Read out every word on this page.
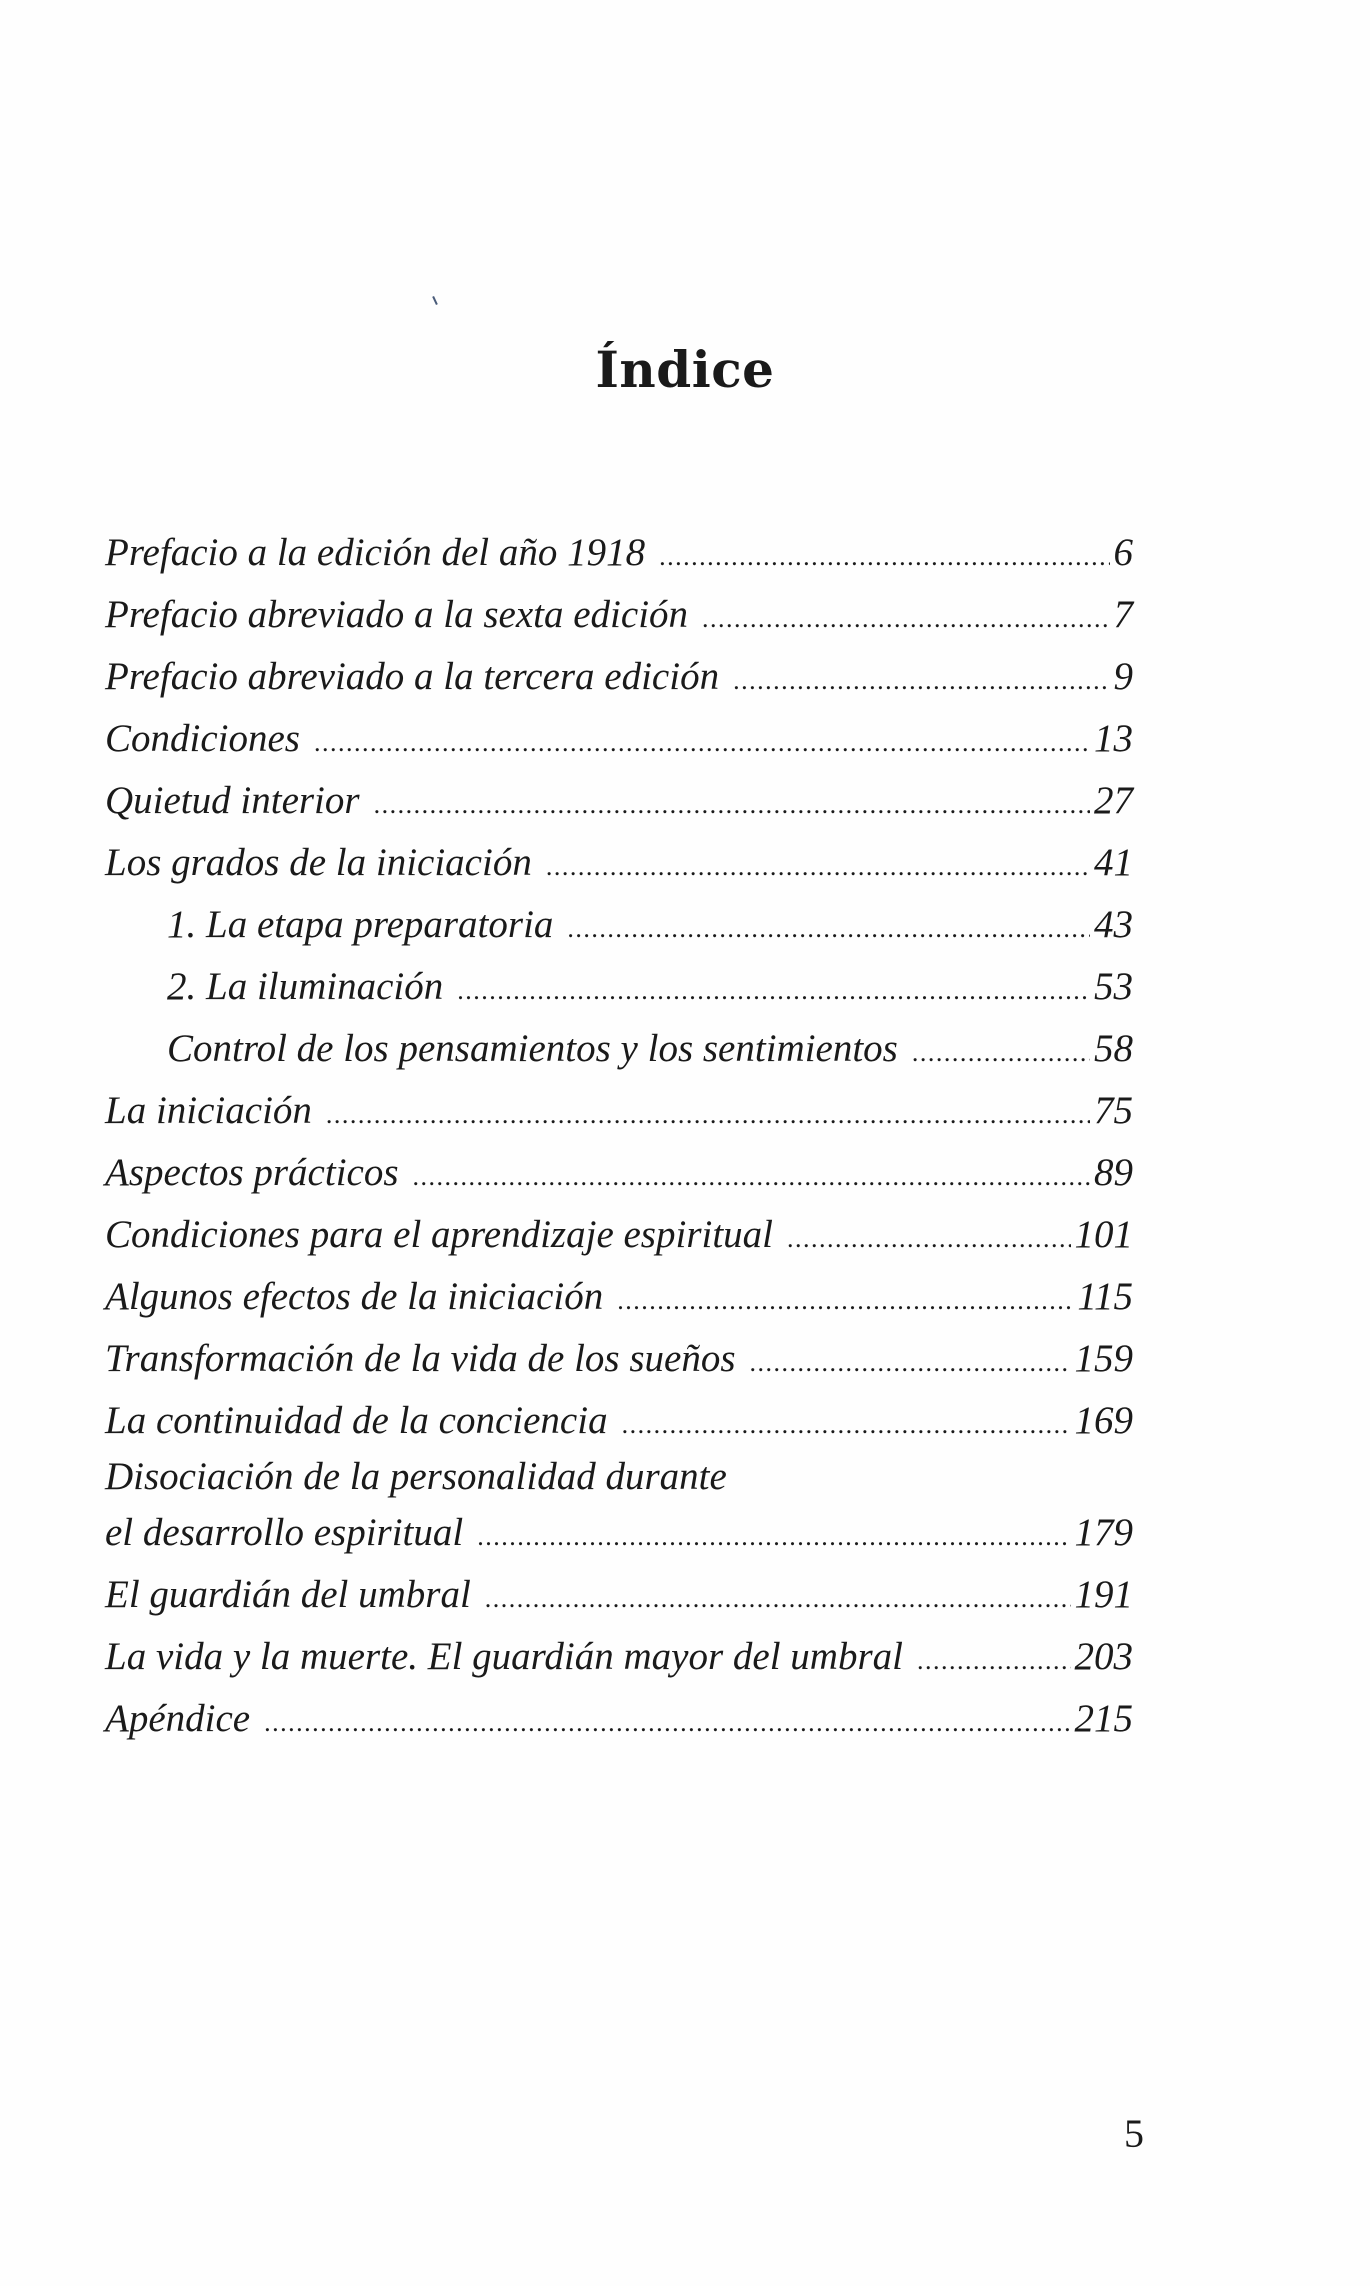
Índice
Prefacio a la edición del año 1918 .....	6
Prefacio abreviado a la sexta edición .....	7
Prefacio abreviado a la tercera edición .....	9
Condiciones .....	13
Quietud interior .....	27
Los grados de la iniciación .....	41
1. La etapa preparatoria .....	43
2. La iluminación .....	53
Control de los pensamientos y los sentimientos .....	58
La iniciación .....	75
Aspectos prácticos .....	89
Condiciones para el aprendizaje espiritual .....	101
Algunos efectos de la iniciación .....	115
Transformación de la vida de los sueños .....	159
La continuidad de la conciencia .....	169
Disociación de la personalidad durante
el desarrollo espiritual .....	179
El guardián del umbral .....	191
La vida y la muerte. El guardián mayor del umbral .....	203
Apéndice .....	215
5
